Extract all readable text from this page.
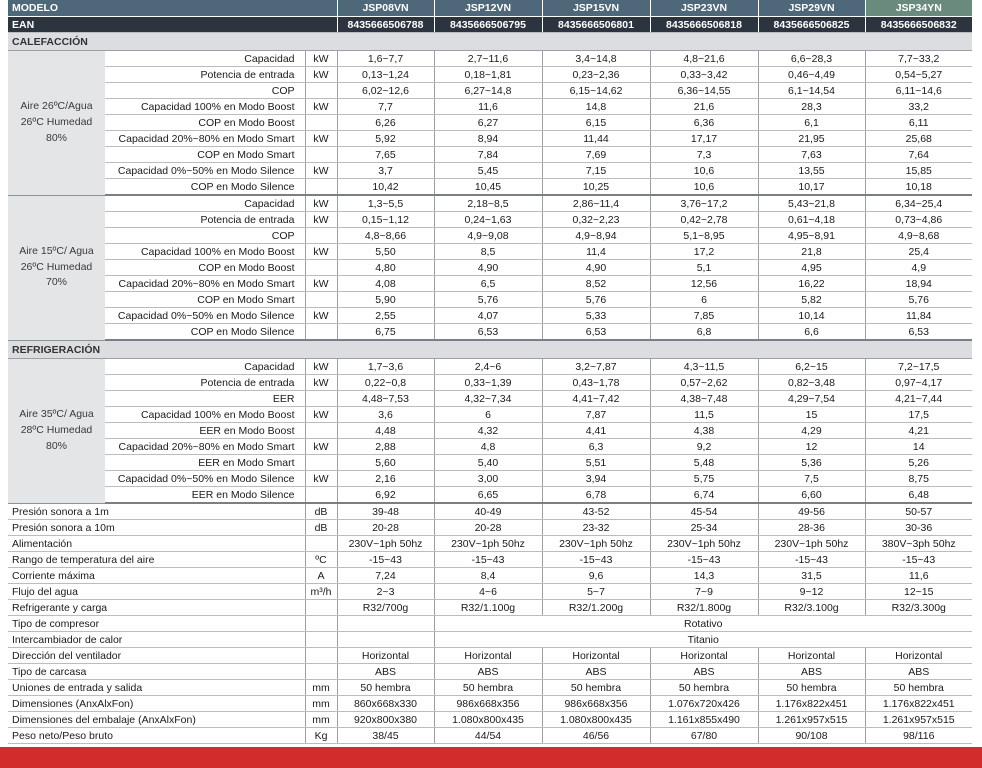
MODELO			JSP08VN	JSP12VN	JSP15VN	JSP23VN	JSP29VN	JSP34YN
EAN			8435666506788	8435666506795	8435666506801	8435666506818	8435666506825	8435666506832
CALEFACCIÓN								
Aire 26ºC/Agua 26ºC Humedad 80%	Capacidad	kW	1,6~7,7	2,7~11,6	3,4~14,8	4,8~21,6	6,6~28,3	7,7~33,2
	Potencia de entrada	kW	0,13~1,24	0,18~1,81	0,23~2,36	0,33~3,42	0,46~4,49	0,54~5,27
	COP		6,02~12,6	6,27~14,8	6,15~14,62	6,36~14,55	6,1~14,54	6,11~14,6
	Capacidad 100% en Modo Boost	kW	7,7	11,6	14,8	21,6	28,3	33,2
	COP en Modo Boost		6,26	6,27	6,15	6,36	6,1	6,11
	Capacidad 20%~80% en Modo Smart	kW	5,92	8,94	11,44	17,17	21,95	25,68
	COP en Modo Smart		7,65	7,84	7,69	7,3	7,63	7,64
	Capacidad 0%~50% en Modo Silence	kW	3,7	5,45	7,15	10,6	13,55	15,85
	COP en Modo Silence		10,42	10,45	10,25	10,6	10,17	10,18
Aire 15ºC/ Agua 26ºC Humedad 70%	Capacidad	kW	1,3~5,5	2,18~8,5	2,86~11,4	3,76~17,2	5,43~21,8	6,34~25,4
	Potencia de entrada	kW	0,15~1,12	0,24~1,63	0,32~2,23	0,42~2,78	0,61~4,18	0,73~4,86
	COP		4,8~8,66	4,9~9,08	4,9~8,94	5,1~8,95	4,95~8,91	4,9~8,68
	Capacidad 100% en Modo Boost	kW	5,50	8,5	11,4	17,2	21,8	25,4
	COP en Modo Boost		4,80	4,90	4,90	5,1	4,95	4,9
	Capacidad 20%~80% en Modo Smart	kW	4,08	6,5	8,52	12,56	16,22	18,94
	COP en Modo Smart		5,90	5,76	5,76	6	5,82	5,76
	Capacidad 0%~50% en Modo Silence	kW	2,55	4,07	5,33	7,85	10,14	11,84
	COP en Modo Silence		6,75	6,53	6,53	6,8	6,6	6,53
REFRIGERACIÓN								
Aire 35ºC/ Agua 28ºC Humedad 80%	Capacidad	kW	1,7~3,6	2,4~6	3,2~7,87	4,3~11,5	6,2~15	7,2~17,5
	Potencia de entrada	kW	0,22~0,8	0,33~1,39	0,43~1,78	0,57~2,62	0,82~3,48	0,97~4,17
	EER		4,48~7,53	4,32~7,34	4,41~7,42	4,38~7,48	4,29~7,54	4,21~7,44
	Capacidad 100% en Modo Boost	kW	3,6	6	7,87	11,5	15	17,5
	EER en Modo Boost		4,48	4,32	4,41	4,38	4,29	4,21
	Capacidad 20%~80% en Modo Smart	kW	2,88	4,8	6,3	9,2	12	14
	EER en Modo Smart		5,60	5,40	5,51	5,48	5,36	5,26
	Capacidad 0%~50% en Modo Silence	kW	2,16	3,00	3,94	5,75	7,5	8,75
	EER en Modo Silence		6,92	6,65	6,78	6,74	6,60	6,48
Presión sonora a 1m		dB	39-48	40-49	43-52	45-54	49-56	50-57
Presión sonora a 10m		dB	20-28	20-28	23-32	25-34	28-36	30-36
Alimentación			230V~1ph 50hz	230V~1ph 50hz	230V~1ph 50hz	230V~1ph 50hz	230V~1ph 50hz	380V~3ph 50hz
Rango de temperatura del aire		ºC	-15~43	-15~43	-15~43	-15~43	-15~43	-15~43
Corriente máxima		A	7,24	8,4	9,6	14,3	31,5	11,6
Flujo del agua		m³/h	2~3	4~6	5~7	7~9	9~12	12~15
Refrigerante y carga			R32/700g	R32/1.100g	R32/1.200g	R32/1.800g	R32/3.100g	R32/3.300g
Tipo de compresor				Rotativo				
Intercambiador de calor				Titanio				
Dirección del ventilador			Horizontal	Horizontal	Horizontal	Horizontal	Horizontal	Horizontal
Tipo de carcasa			ABS	ABS	ABS	ABS	ABS	ABS
Uniones de entrada y salida		mm	50 hembra	50 hembra	50 hembra	50 hembra	50 hembra	50 hembra
Dimensiones (AnxAlxFon)		mm	860x668x330	986x668x356	986x668x356	1.076x720x426	1.176x822x451	1.176x822x451
Dimensiones del embalaje (AnxAlxFon)		mm	920x800x380	1.080x800x435	1.080x800x435	1.161x855x490	1.261x957x515	1.261x957x515
Peso neto/Peso bruto		Kg	38/45	44/54	46/56	67/80	90/108	98/116
